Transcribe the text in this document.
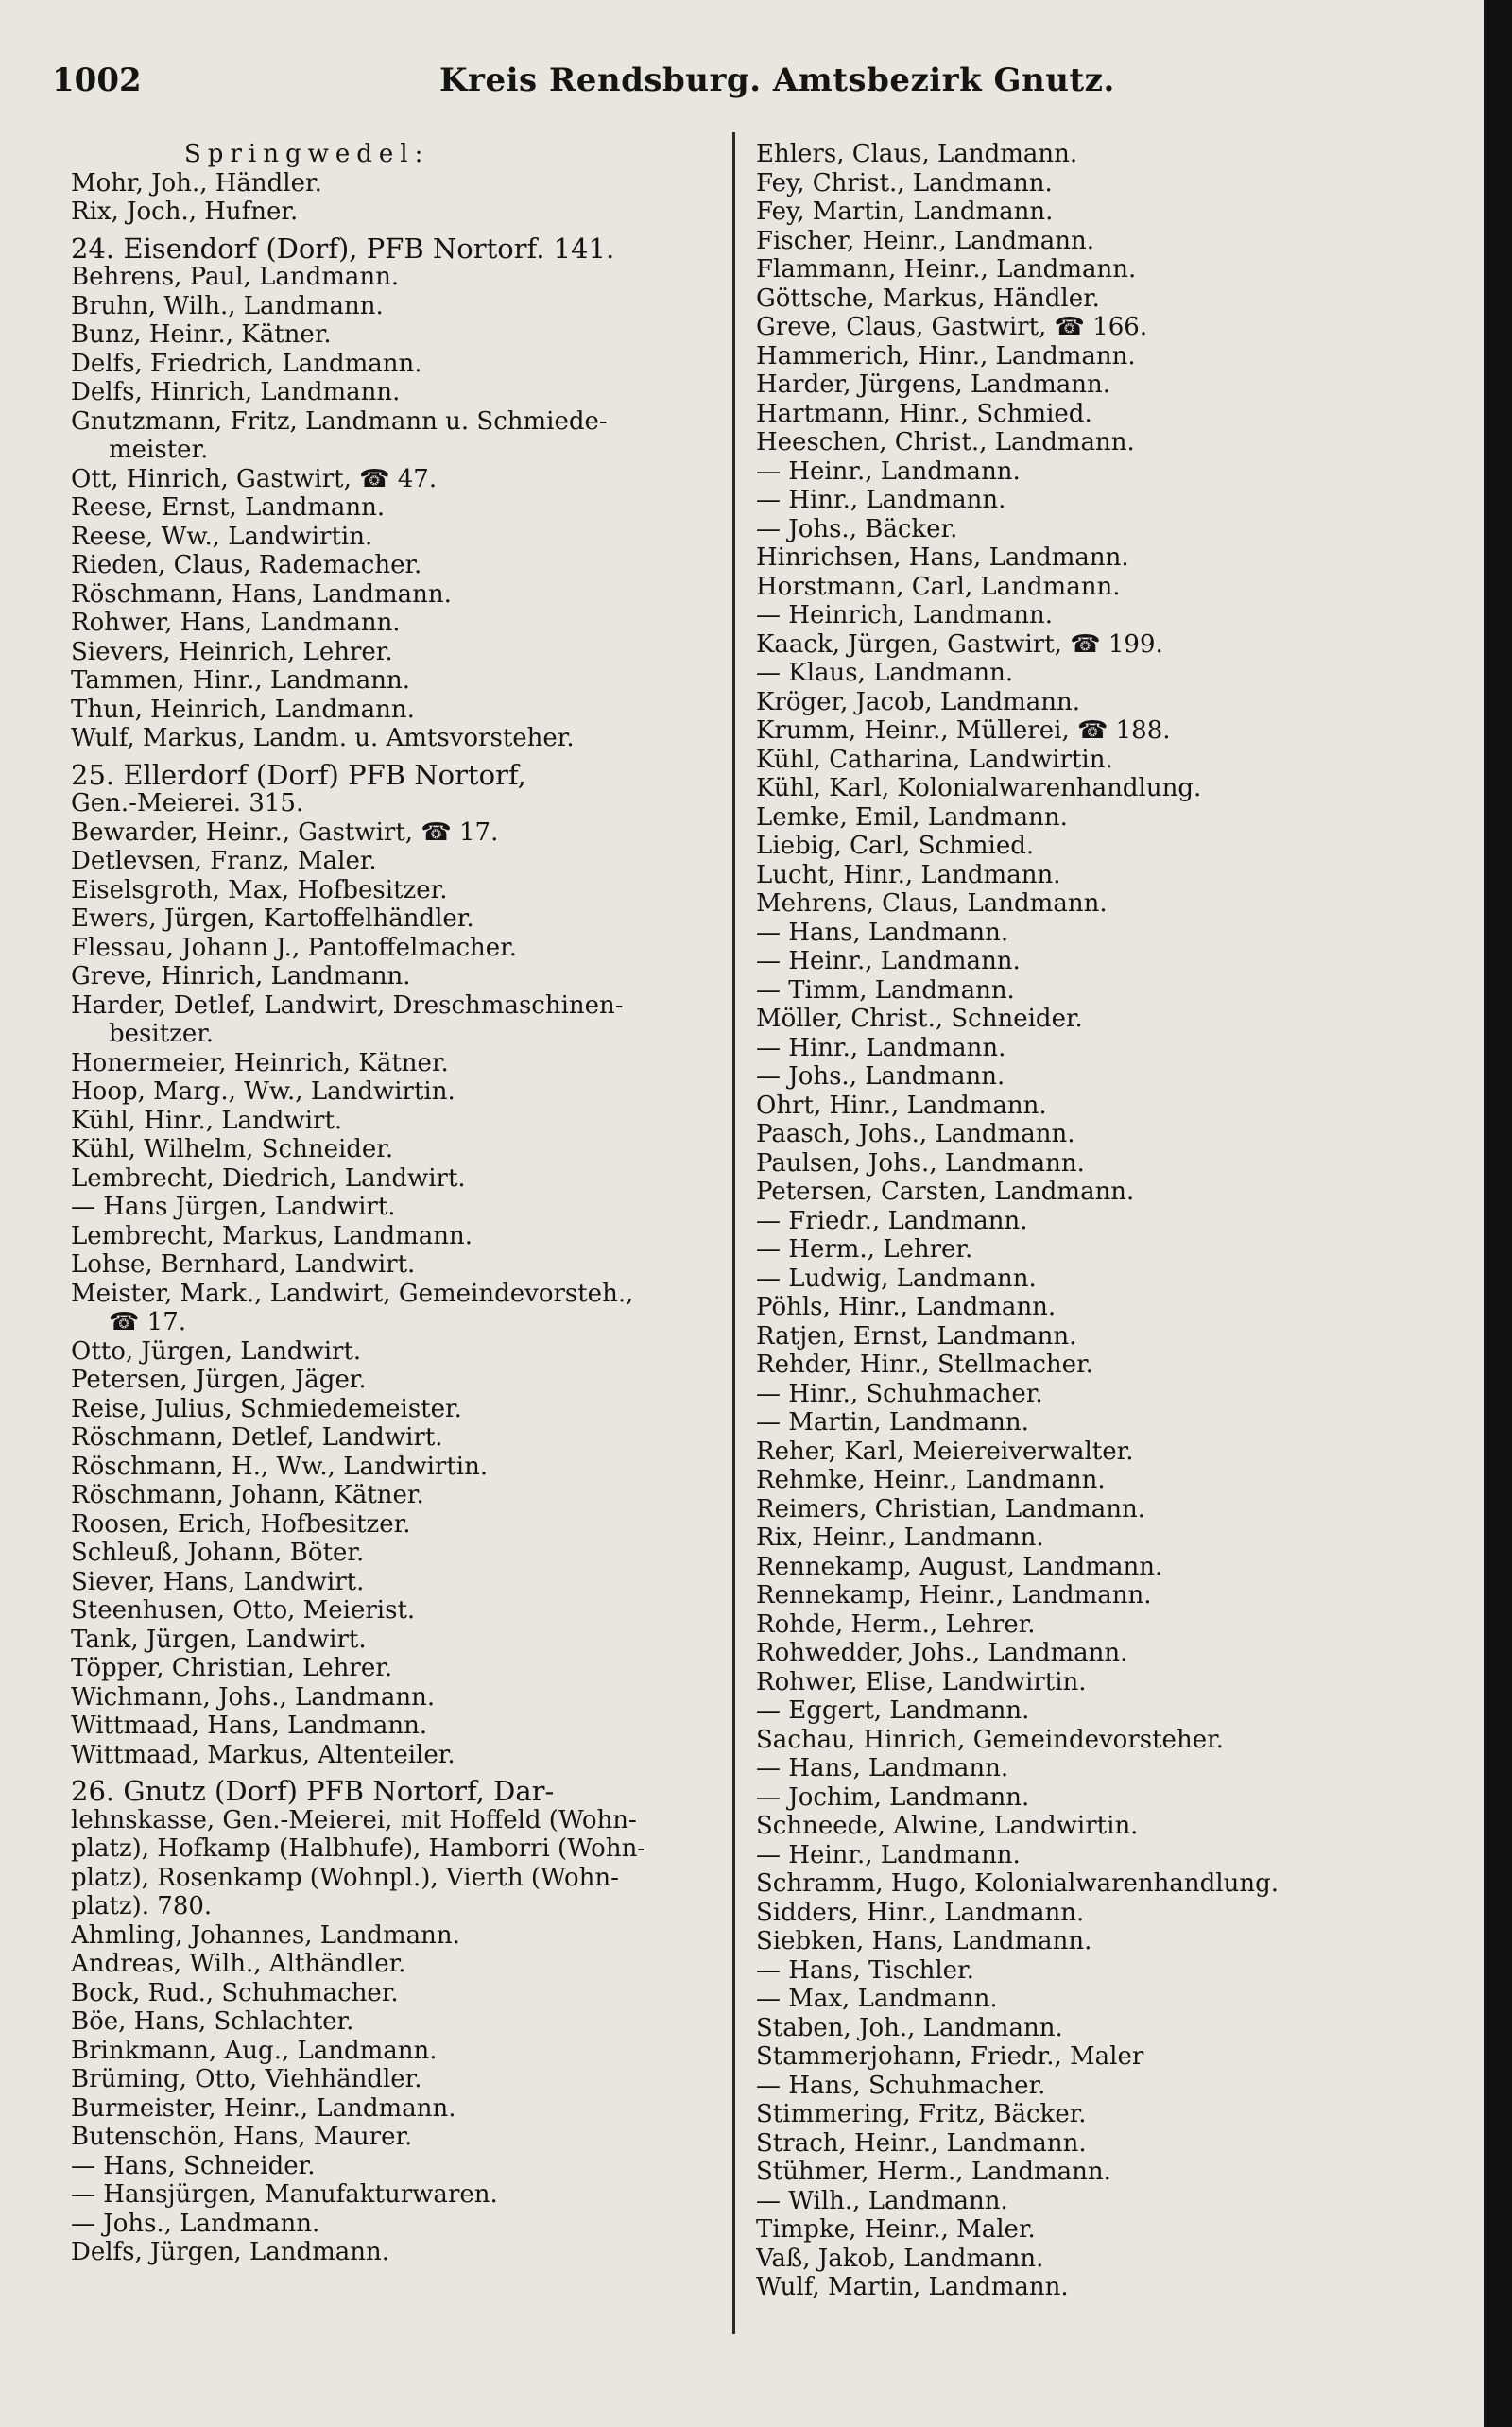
1002	Kreis Rendsburg. Amtsbezirk Gnutz.
Springwedel:
Mohr, Joh., Händler.
Rix, Joch., Hufner.
24. Eisendorf (Dorf), PFB Nortorf. 141.
Behrens, Paul, Landmann.
Bruhn, Wilh., Landmann.
Bunz, Heinr., Kätner.
Delfs, Friedrich, Landmann.
Delfs, Hinrich, Landmann.
Gnutzmann, Fritz, Landmann u. Schmiede-
meister.
Ott, Hinrich, Gastwirt, ☎ 47.
Reese, Ernst, Landmann.
Reese, Ww., Landwirtin.
Rieden, Claus, Rademacher.
Röschmann, Hans, Landmann.
Rohwer, Hans, Landmann.
Sievers, Heinrich, Lehrer.
Tammen, Hinr., Landmann.
Thun, Heinrich, Landmann.
Wulf, Markus, Landm. u. Amtsvorsteher.
25. Ellerdorf (Dorf) PFB Nortorf,
Gen.-Meierei. 315.
Bewarder, Heinr., Gastwirt, ☎ 17.
Detlevsen, Franz, Maler.
Eiselsgroth, Max, Hofbesitzer.
Ewers, Jürgen, Kartoffelhändler.
Flessau, Johann J., Pantoffelmacher.
Greve, Hinrich, Landmann.
Harder, Detlef, Landwirt, Dreschmaschinen-
besitzer.
Honermeier, Heinrich, Kätner.
Hoop, Marg., Ww., Landwirtin.
Kühl, Hinr., Landwirt.
Kühl, Wilhelm, Schneider.
Lembrecht, Diedrich, Landwirt.
— Hans Jürgen, Landwirt.
Lembrecht, Markus, Landmann.
Lohse, Bernhard, Landwirt.
Meister, Mark., Landwirt, Gemeindevorsteh.,
☎ 17.
Otto, Jürgen, Landwirt.
Petersen, Jürgen, Jäger.
Reise, Julius, Schmiedemeister.
Röschmann, Detlef, Landwirt.
Röschmann, H., Ww., Landwirtin.
Röschmann, Johann, Kätner.
Roosen, Erich, Hofbesitzer.
Schleuß, Johann, Böter.
Siever, Hans, Landwirt.
Steenhusen, Otto, Meierist.
Tank, Jürgen, Landwirt.
Töpper, Christian, Lehrer.
Wichmann, Johs., Landmann.
Wittmaad, Hans, Landmann.
Wittmaad, Markus, Altenteiler.
26. Gnutz (Dorf) PFB Nortorf, Dar-
lehnskasse, Gen.-Meierei, mit Hoffeld (Wohn-
platz), Hofkamp (Halbhufe), Hamborri (Wohn-
platz), Rosenkamp (Wohnpl.), Vierth (Wohn-
platz). 780.
Ahmling, Johannes, Landmann.
Andreas, Wilh., Althändler.
Bock, Rud., Schuhmacher.
Böe, Hans, Schlachter.
Brinkmann, Aug., Landmann.
Brüming, Otto, Viehhändler.
Burmeister, Heinr., Landmann.
Butenschön, Hans, Maurer.
— Hans, Schneider.
— Hansjürgen, Manufakturwaren.
— Johs., Landmann.
Delfs, Jürgen, Landmann.
Ehlers, Claus, Landmann.
Fey, Christ., Landmann.
Fey, Martin, Landmann.
Fischer, Heinr., Landmann.
Flammann, Heinr., Landmann.
Göttsche, Markus, Händler.
Greve, Claus, Gastwirt, ☎ 166.
Hammerich, Hinr., Landmann.
Harder, Jürgens, Landmann.
Hartmann, Hinr., Schmied.
Heeschen, Christ., Landmann.
— Heinr., Landmann.
— Hinr., Landmann.
— Johs., Bäcker.
Hinrichsen, Hans, Landmann.
Horstmann, Carl, Landmann.
— Heinrich, Landmann.
Kaack, Jürgen, Gastwirt, ☎ 199.
— Klaus, Landmann.
Kröger, Jacob, Landmann.
Krumm, Heinr., Müllerei, ☎ 188.
Kühl, Catharina, Landwirtin.
Kühl, Karl, Kolonialwarenhandlung.
Lemke, Emil, Landmann.
Liebig, Carl, Schmied.
Lucht, Hinr., Landmann.
Mehrens, Claus, Landmann.
— Hans, Landmann.
— Heinr., Landmann.
— Timm, Landmann.
Möller, Christ., Schneider.
— Hinr., Landmann.
— Johs., Landmann.
Ohrt, Hinr., Landmann.
Paasch, Johs., Landmann.
Paulsen, Johs., Landmann.
Petersen, Carsten, Landmann.
— Friedr., Landmann.
— Herm., Lehrer.
— Ludwig, Landmann.
Pöhls, Hinr., Landmann.
Ratjen, Ernst, Landmann.
Rehder, Hinr., Stellmacher.
— Hinr., Schuhmacher.
— Martin, Landmann.
Reher, Karl, Meiereiverwalter.
Rehmke, Heinr., Landmann.
Reimers, Christian, Landmann.
Rix, Heinr., Landmann.
Rennekamp, August, Landmann.
Rennekamp, Heinr., Landmann.
Rohde, Herm., Lehrer.
Rohwedder, Johs., Landmann.
Rohwer, Elise, Landwirtin.
— Eggert, Landmann.
Sachau, Hinrich, Gemeindevorsteher.
— Hans, Landmann.
— Jochim, Landmann.
Schneede, Alwine, Landwirtin.
— Heinr., Landmann.
Schramm, Hugo, Kolonialwarenhandlung.
Sidders, Hinr., Landmann.
Siebken, Hans, Landmann.
— Hans, Tischler.
— Max, Landmann.
Staben, Joh., Landmann.
Stammerjohann, Friedr., Maler
— Hans, Schuhmacher.
Stimmering, Fritz, Bäcker.
Strach, Heinr., Landmann.
Stühmer, Herm., Landmann.
— Wilh., Landmann.
Timpke, Heinr., Maler.
Vaß, Jakob, Landmann.
Wulf, Martin, Landmann.
